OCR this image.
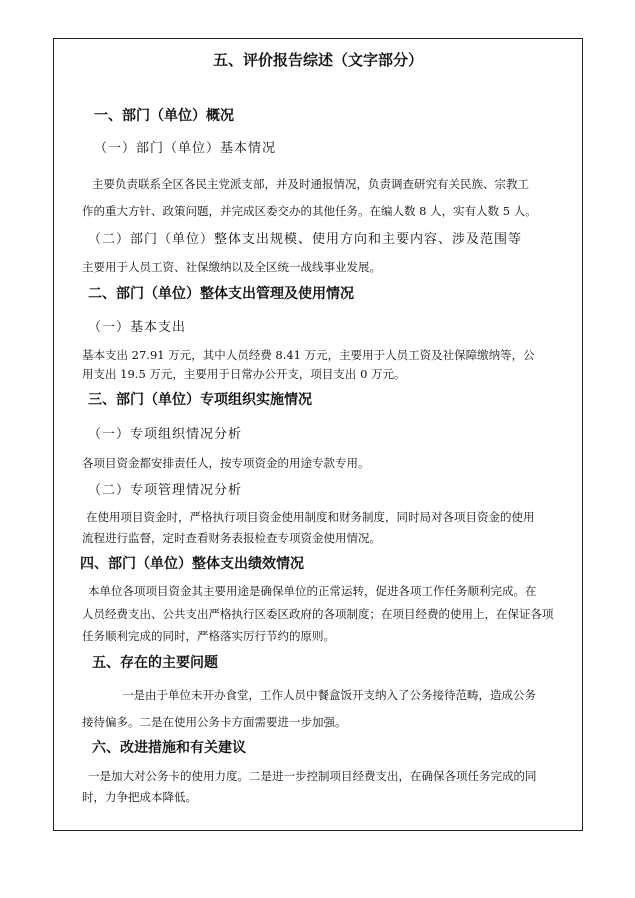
五、评价报告综述（文字部分）
一、部门（单位）概况
（一）部门（单位）基本情况
主要负责联系全区各民主党派支部，并及时通报情况，负责调查研究有关民族、宗教工
作的重大方针、政策问题，并完成区委交办的其他任务。在编人数 8 人，实有人数 5 人。
（二）部门（单位）整体支出规模、使用方向和主要内容、涉及范围等
主要用于人员工资、社保缴纳以及全区统一战线事业发展。
二、部门（单位）整体支出管理及使用情况
（一）基本支出
基本支出 27.91 万元，其中人员经费 8.41 万元，主要用于人员工资及社保障缴纳等，公
用支出 19.5 万元，主要用于日常办公开支，项目支出 0 万元。
三、部门（单位）专项组织实施情况
（一）专项组织情况分析
各项目资金都安排责任人，按专项资金的用途专款专用。
（二）专项管理情况分析
在使用项目资金时，严格执行项目资金使用制度和财务制度，同时局对各项目资金的使用
流程进行监督，定时查看财务表报检查专项资金使用情况。
四、部门（单位）整体支出绩效情况
本单位各项项目资金其主要用途是确保单位的正常运转，促进各项工作任务顺利完成。在
人员经费支出、公共支出严格执行区委区政府的各项制度；在项目经费的使用上，在保证各项
任务顺利完成的同时，严格落实厉行节约的原则。
五、存在的主要问题
一是由于单位未开办食堂，工作人员中餐盒饭开支纳入了公务接待范畴，造成公务
接待偏多。二是在使用公务卡方面需要进一步加强。
六、改进措施和有关建议
一是加大对公务卡的使用力度。二是进一步控制项目经费支出，在确保各项任务完成的同
时，力争把成本降低。
